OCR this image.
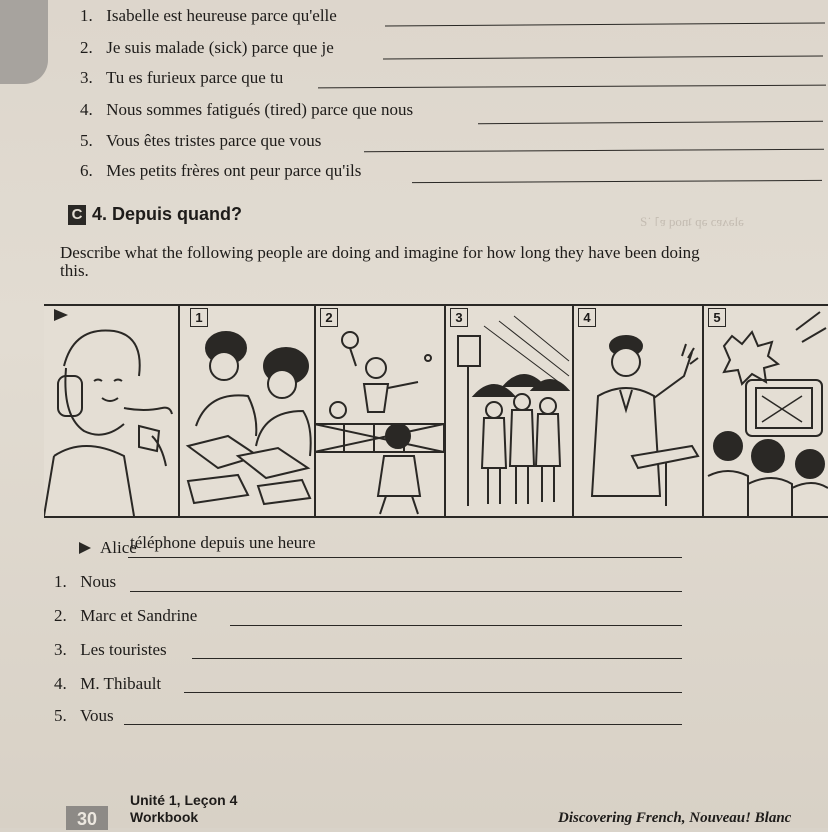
ǝlǝʌɐɔ ǝp ʇnoq ɐ˥ ˙Ƨ
1. Isabelle est heureuse parce qu'elle
2. Je suis malade (sick) parce que je
3. Tu es furieux parce que tu
4. Nous sommes fatigués (tired) parce que nous
5. Vous êtes tristes parce que vous
6. Mes petits frères ont peur parce qu'ils
C 4. Depuis quand?
Describe what the following people are doing and imagine for how long they have been doing this.
1	2	3	4	5
Alice
téléphone depuis une heure
1. Nous
2. Marc et Sandrine
3. Les touristes
4. M. Thibault
5. Vous
30
Unité 1, Leçon 4
Workbook	Discovering French, Nouveau! Blanc
